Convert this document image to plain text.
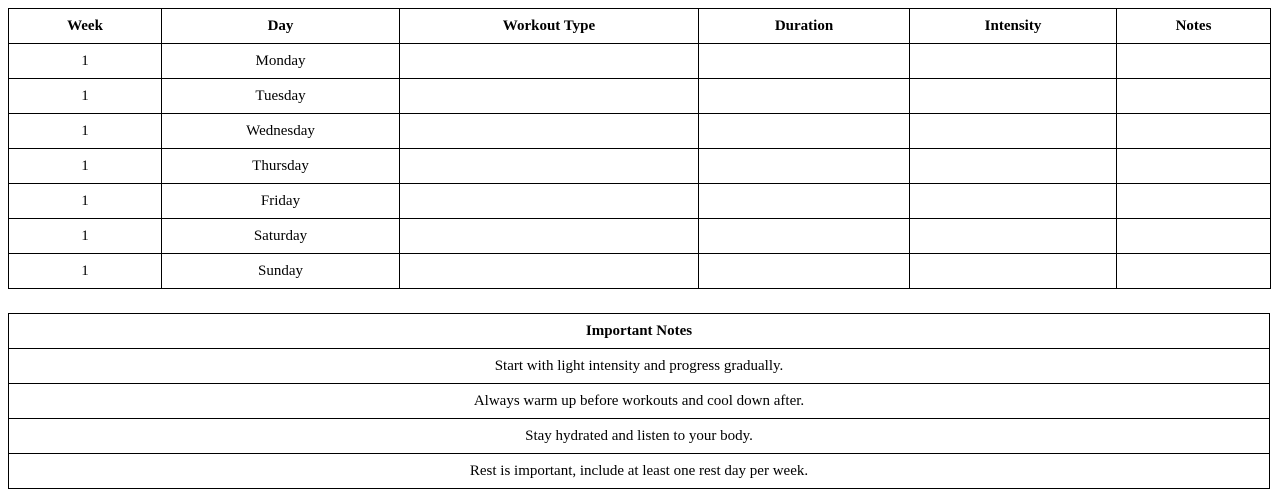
Week	Day	Workout Type	Duration	Intensity	Notes
1	Monday				
1	Tuesday				
1	Wednesday				
1	Thursday				
1	Friday				
1	Saturday				
1	Sunday				
Important Notes
Start with light intensity and progress gradually.
Always warm up before workouts and cool down after.
Stay hydrated and listen to your body.
Rest is important, include at least one rest day per week.
